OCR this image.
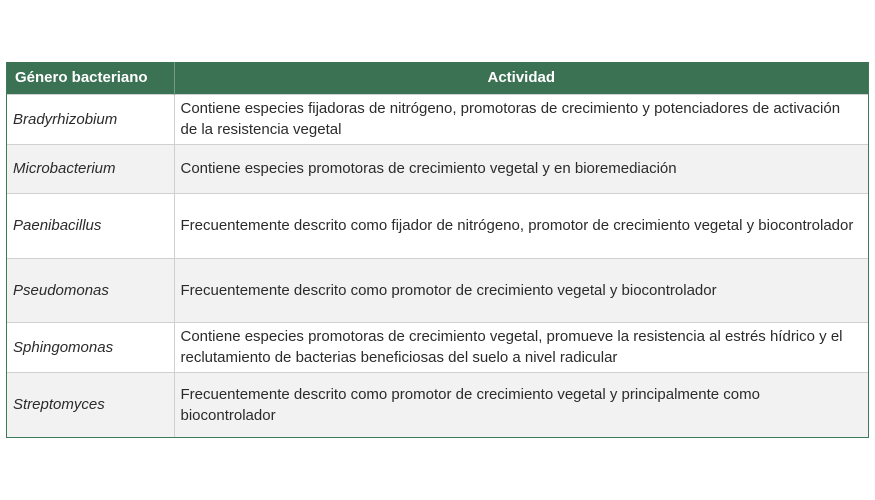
Género bacteriano	Actividad
Bradyrhizobium	Contiene especies fijadoras de nitrógeno, promotoras de crecimiento y potenciadores de activación de la resistencia vegetal
Microbacterium	Contiene especies promotoras de crecimiento vegetal y en bioremediación
Paenibacillus	Frecuentemente descrito como fijador de nitrógeno, promotor de crecimiento vegetal y biocontrolador
Pseudomonas	Frecuentemente descrito como promotor de crecimiento vegetal y biocontrolador
Sphingomonas	Contiene especies promotoras de crecimiento vegetal, promueve la resistencia al estrés hídrico y el reclutamiento de bacterias beneficiosas del suelo a nivel radicular
Streptomyces	Frecuentemente descrito como promotor de crecimiento vegetal y principalmente como biocontrolador
